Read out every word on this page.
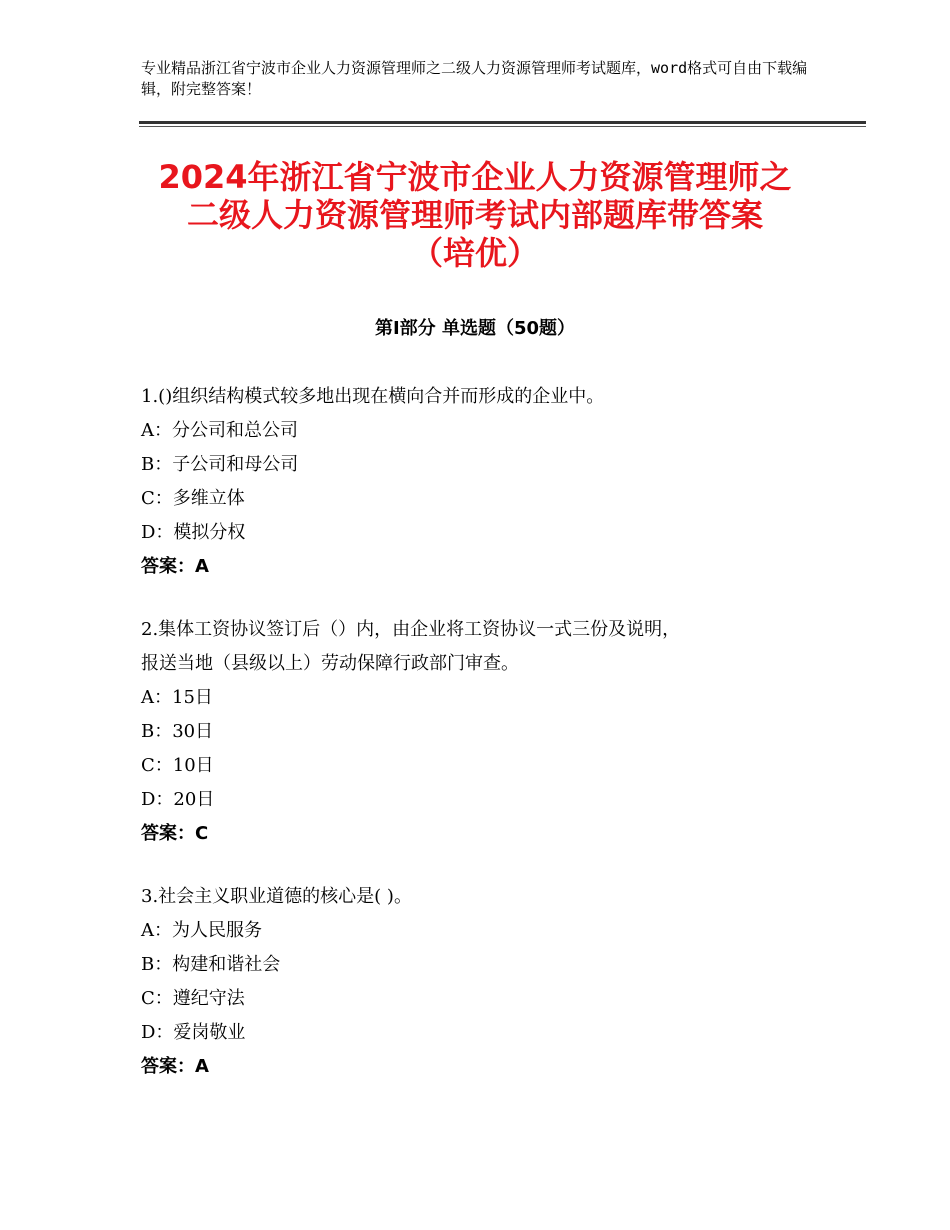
专业精品浙江省宁波市企业人力资源管理师之二级人力资源管理师考试题库，word格式可自由下载编辑，附完整答案！
2024年浙江省宁波市企业人力资源管理师之
二级人力资源管理师考试内部题库带答案
（培优）
第Ⅰ部分 单选题（50题）

1.()组织结构模式较多地出现在横向合并而形成的企业中。

A：分公司和总公司

B：子公司和母公司

C：多维立体

D：模拟分权

答案：A

2.集体工资协议签订后（）内，由企业将工资协议一式三份及说明，

报送当地（县级以上）劳动保障行政部门审查。

A：15日

B：30日

C：10日

D：20日

答案：C

3.社会主义职业道德的核心是( )。

A：为人民服务

B：构建和谐社会

C：遵纪守法

D：爱岗敬业

答案：A
